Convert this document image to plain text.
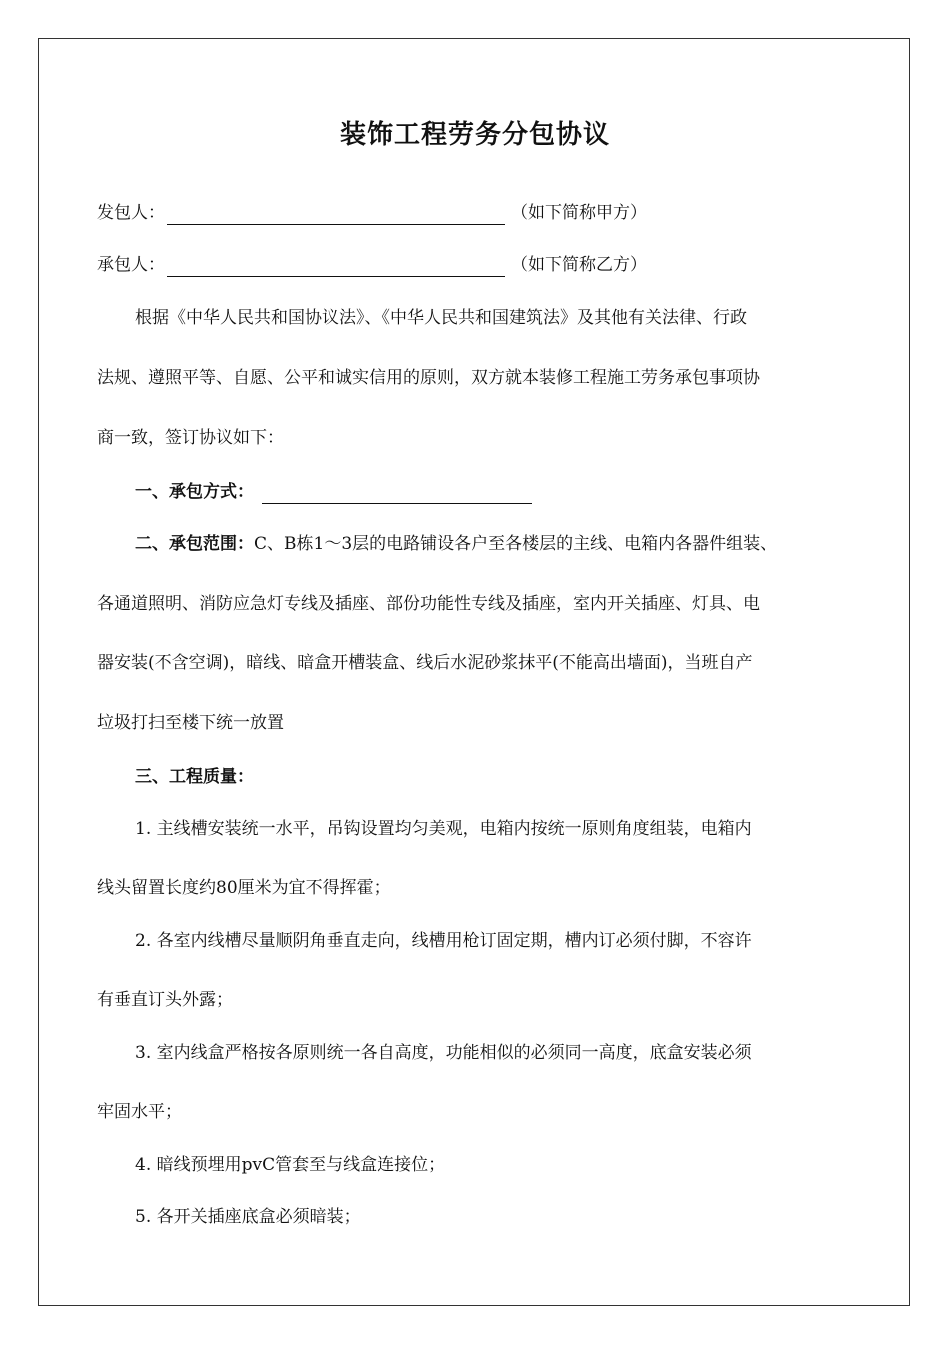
装饰工程劳务分包协议
发包人：	（如下简称甲方）
承包人：	（如下简称乙方）
根据《中华人民共和国协议法》、《中华人民共和国建筑法》及其他有关法律、行政
法规、遵照平等、自愿、公平和诚实信用的原则，双方就本装修工程施工劳务承包事项协
商一致，签订协议如下：
一、承包方式：
二、承包范围：C、B栋1～3层的电路铺设各户至各楼层的主线、电箱内各器件组装、
各通道照明、消防应急灯专线及插座、部份功能性专线及插座，室内开关插座、灯具、电
器安装(不含空调)，暗线、暗盒开槽装盒、线后水泥砂浆抹平(不能高出墙面)，当班自产
垃圾打扫至楼下统一放置
三、工程质量：
1. 主线槽安装统一水平，吊钩设置均匀美观，电箱内按统一原则角度组装，电箱内
线头留置长度约80厘米为宜不得挥霍；
2. 各室内线槽尽量顺阴角垂直走向，线槽用枪订固定期，槽内订必须付脚，不容许
有垂直订头外露；
3. 室内线盒严格按各原则统一各自高度，功能相似的必须同一高度，底盒安装必须
牢固水平；
4. 暗线预埋用pvC管套至与线盒连接位；
5. 各开关插座底盒必须暗装；
